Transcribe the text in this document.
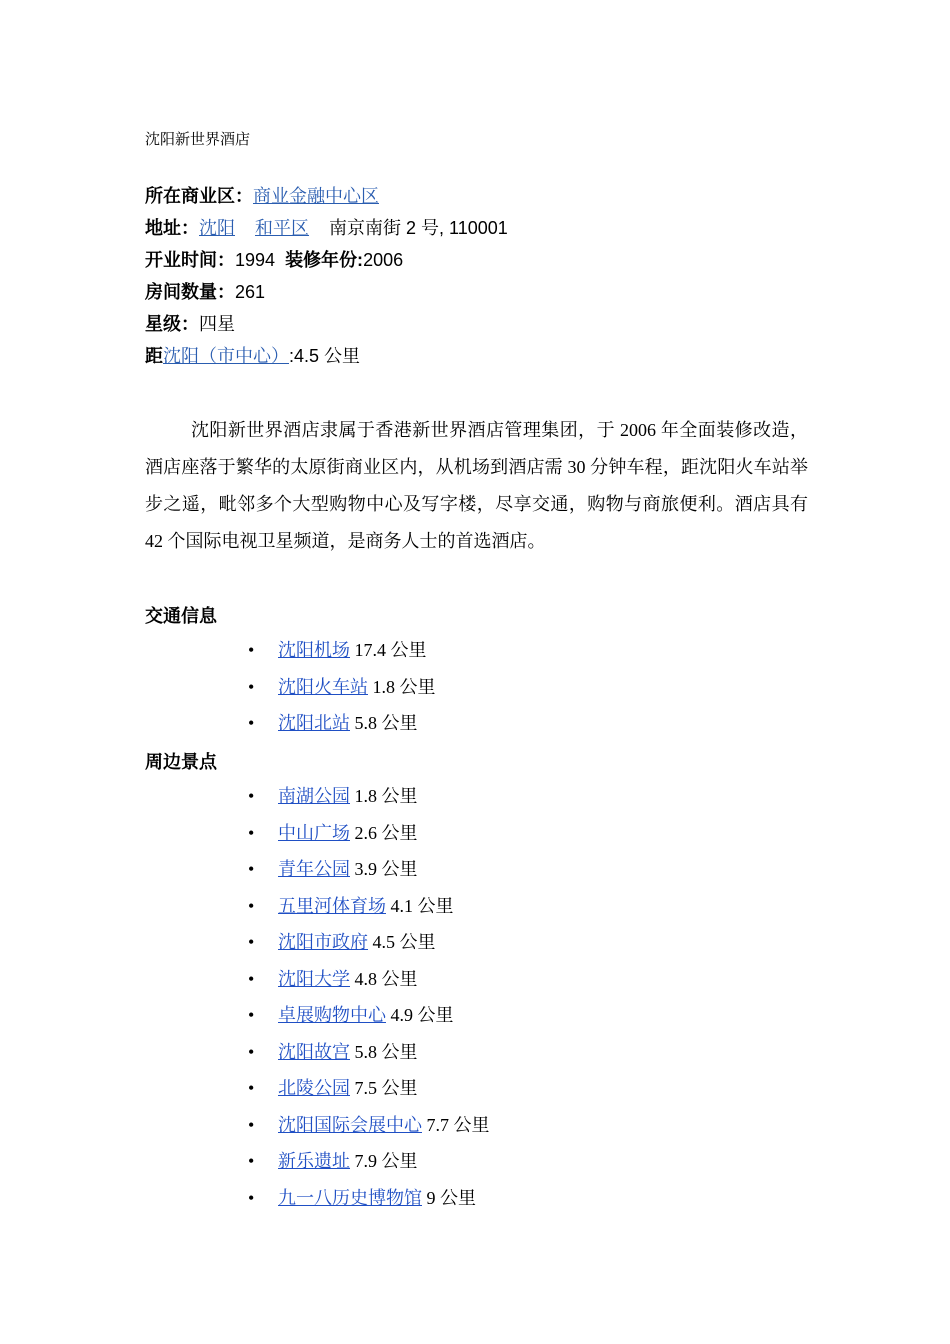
沈阳新世界酒店
所在商业区：商业金融中心区
地址：沈阳 和平区 南京南街 2 号, 110001
开业时间：1994 装修年份:2006
房间数量：261
星级：四星
距沈阳（市中心）:4.5 公里
沈阳新世界酒店隶属于香港新世界酒店管理集团，于 2006 年全面装修改造，酒店座落于繁华的太原街商业区内，从机场到酒店需 30 分钟车程，距沈阳火车站举步之遥，毗邻多个大型购物中心及写字楼，尽享交通，购物与商旅便利。酒店具有 42 个国际电视卫星频道，是商务人士的首选酒店。
交通信息
• 沈阳机场 17.4 公里
• 沈阳火车站 1.8 公里
• 沈阳北站 5.8 公里
周边景点
• 南湖公园 1.8 公里
• 中山广场 2.6 公里
• 青年公园 3.9 公里
• 五里河体育场 4.1 公里
• 沈阳市政府 4.5 公里
• 沈阳大学 4.8 公里
• 卓展购物中心 4.9 公里
• 沈阳故宫 5.8 公里
• 北陵公园 7.5 公里
• 沈阳国际会展中心 7.7 公里
• 新乐遗址 7.9 公里
• 九一八历史博物馆 9 公里
